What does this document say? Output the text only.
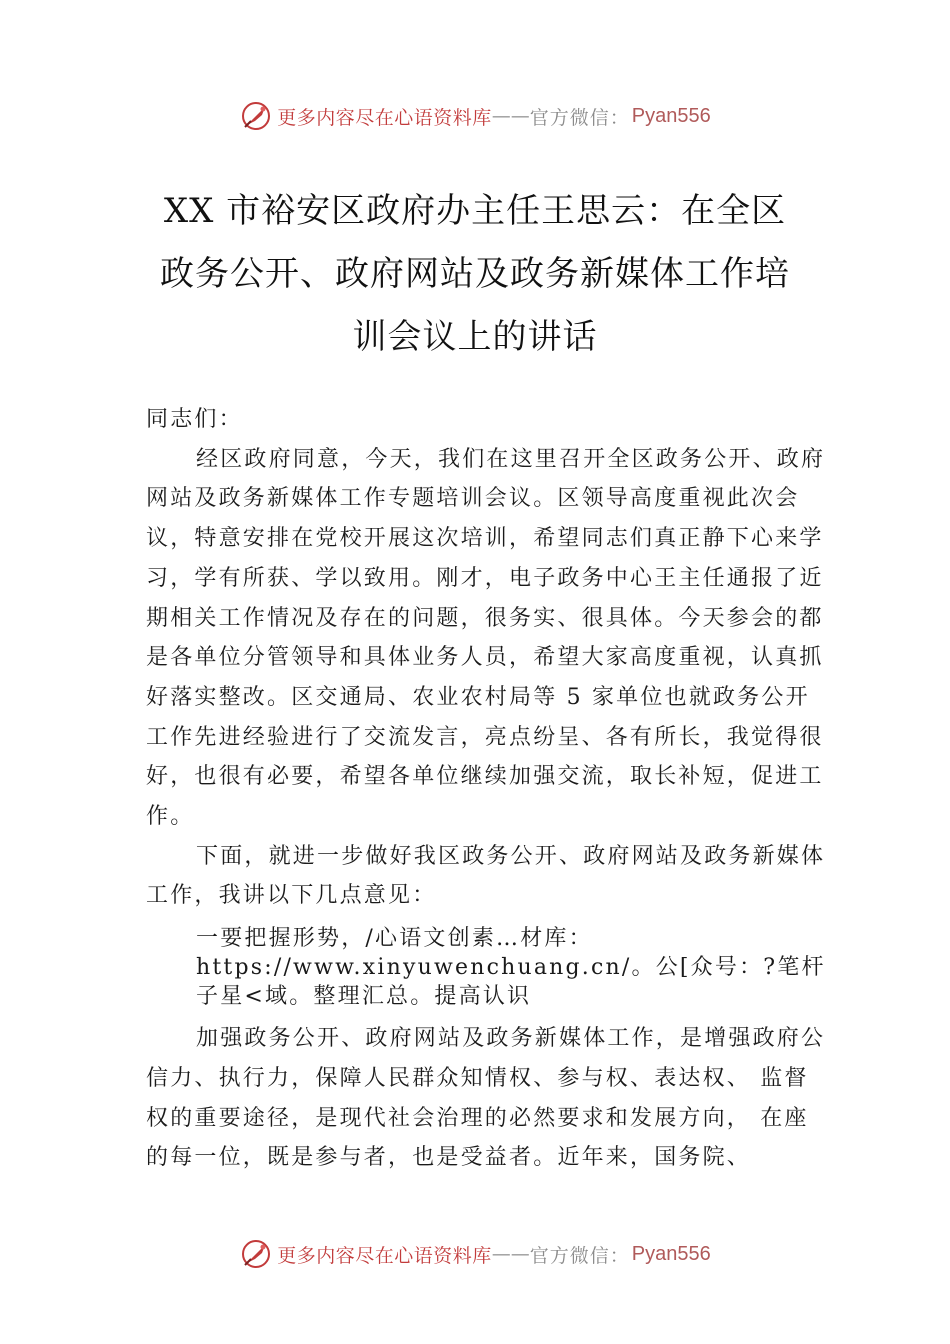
更多内容尽在心语资料库 —— 官方微信： Pyan556
XX 市裕安区政府办主任王思云：在全区
政务公开、政府网站及政务新媒体工作培
训会议上的讲话

同志们：

经区政府同意，今天，我们在这里召开全区政务公开、政府网站及政务新媒体工作专题培训会议。区领导高度重视此次会议，特意安排在党校开展这次培训，希望同志们真正静下心来学习，学有所获、学以致用。刚才，电子政务中心王主任通报了近期相关工作情况及存在的问题，很务实、很具体。今天参会的都是各单位分管领导和具体业务人员，希望大家高度重视，认真抓好落实整改。区交通局、农业农村局等 5 家单位也就政务公开工作先进经验进行了交流发言，亮点纷呈、各有所长，我觉得很好，也很有必要，希望各单位继续加强交流，取长补短，促进工作。

下面，就进一步做好我区政务公开、政府网站及政务新媒体工作，我讲以下几点意见：

一要把握形势，/心语文创素…材库：https://www.xinyuwenchuang.cn/。公[众号：?笔杆子星<域。整理汇总。提高认识

加强政务公开、政府网站及政务新媒体工作，是增强政府公信力、执行力，保障人民群众知情权、参与权、表达权、 监督权的重要途径，是现代社会治理的必然要求和发展方向， 在座的每一位，既是参与者，也是受益者。近年来，国务院、

更多内容尽在心语资料库 —— 官方微信： Pyan556
